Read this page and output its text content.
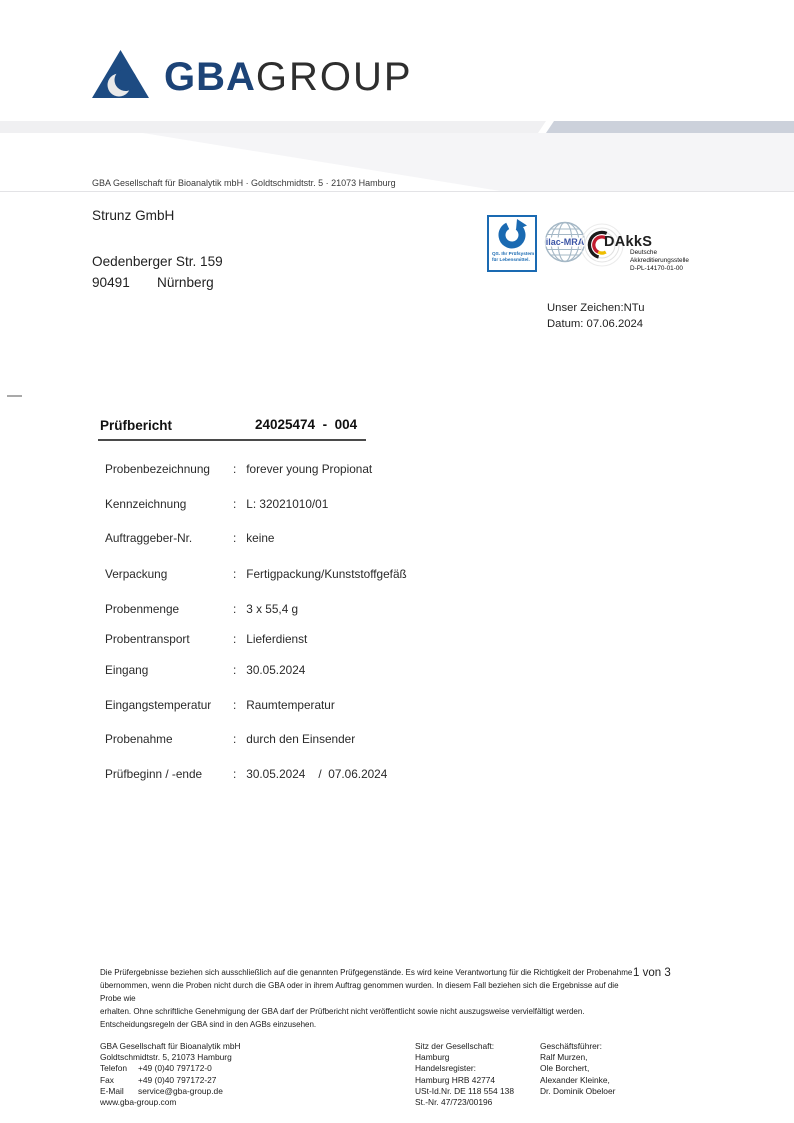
GBAGROUP
GBA Gesellschaft für Bioanalytik mbH · Goldtschmidtstr. 5 · 21073 Hamburg
Strunz GmbH
Oedenberger Str. 159
90491 Nürnberg
QS. Ihr Prüfsystem
für Lebensmittel.
ilac-MRA DAkkS
Deutsche
Akkreditierungsstelle
D-PL-14170-01-00
Unser Zeichen:NTu
Datum: 07.06.2024
Prüfbericht	24025474  -  004
Probenbezeichnung	: forever young Propionat
Kennzeichnung	: L: 32021010/01
Auftraggeber-Nr.	: keine
Verpackung	: Fertigpackung/Kunststoffgefäß
Probenmenge	: 3 x 55,4 g
Probentransport	: Lieferdienst
Eingang	: 30.05.2024
Eingangstemperatur	: Raumtemperatur
Probenahme	: durch den Einsender
Prüfbeginn / -ende	: 30.05.2024    /  07.06.2024
Die Prüfergebnisse beziehen sich ausschließlich auf die genannten Prüfgegenstände. Es wird keine Verantwortung für die Richtigkeit der Probenahme
übernommen, wenn die Proben nicht durch die GBA oder in ihrem Auftrag genommen wurden. In diesem Fall beziehen sich die Ergebnisse auf die Probe wie
erhalten. Ohne schriftliche Genehmigung der GBA darf der Prüfbericht nicht veröffentlicht sowie nicht auszugsweise vervielfältigt werden.
Entscheidungsregeln der GBA sind in den AGBs einzusehen.
1 von 3
GBA Gesellschaft für Bioanalytik mbH
Goldtschmidtstr. 5, 21073 Hamburg
Telefon	+49 (0)40 797172-0
Fax	+49 (0)40 797172-27
E-Mail	service@gba-group.de
www.gba-group.com
Sitz der Gesellschaft:
Hamburg
Handelsregister:
Hamburg HRB 42774
USt-Id.Nr. DE 118 554 138
St.-Nr. 47/723/00196
Geschäftsführer:
Ralf Murzen,
Ole Borchert,
Alexander Kleinke,
Dr. Dominik Obeloer
